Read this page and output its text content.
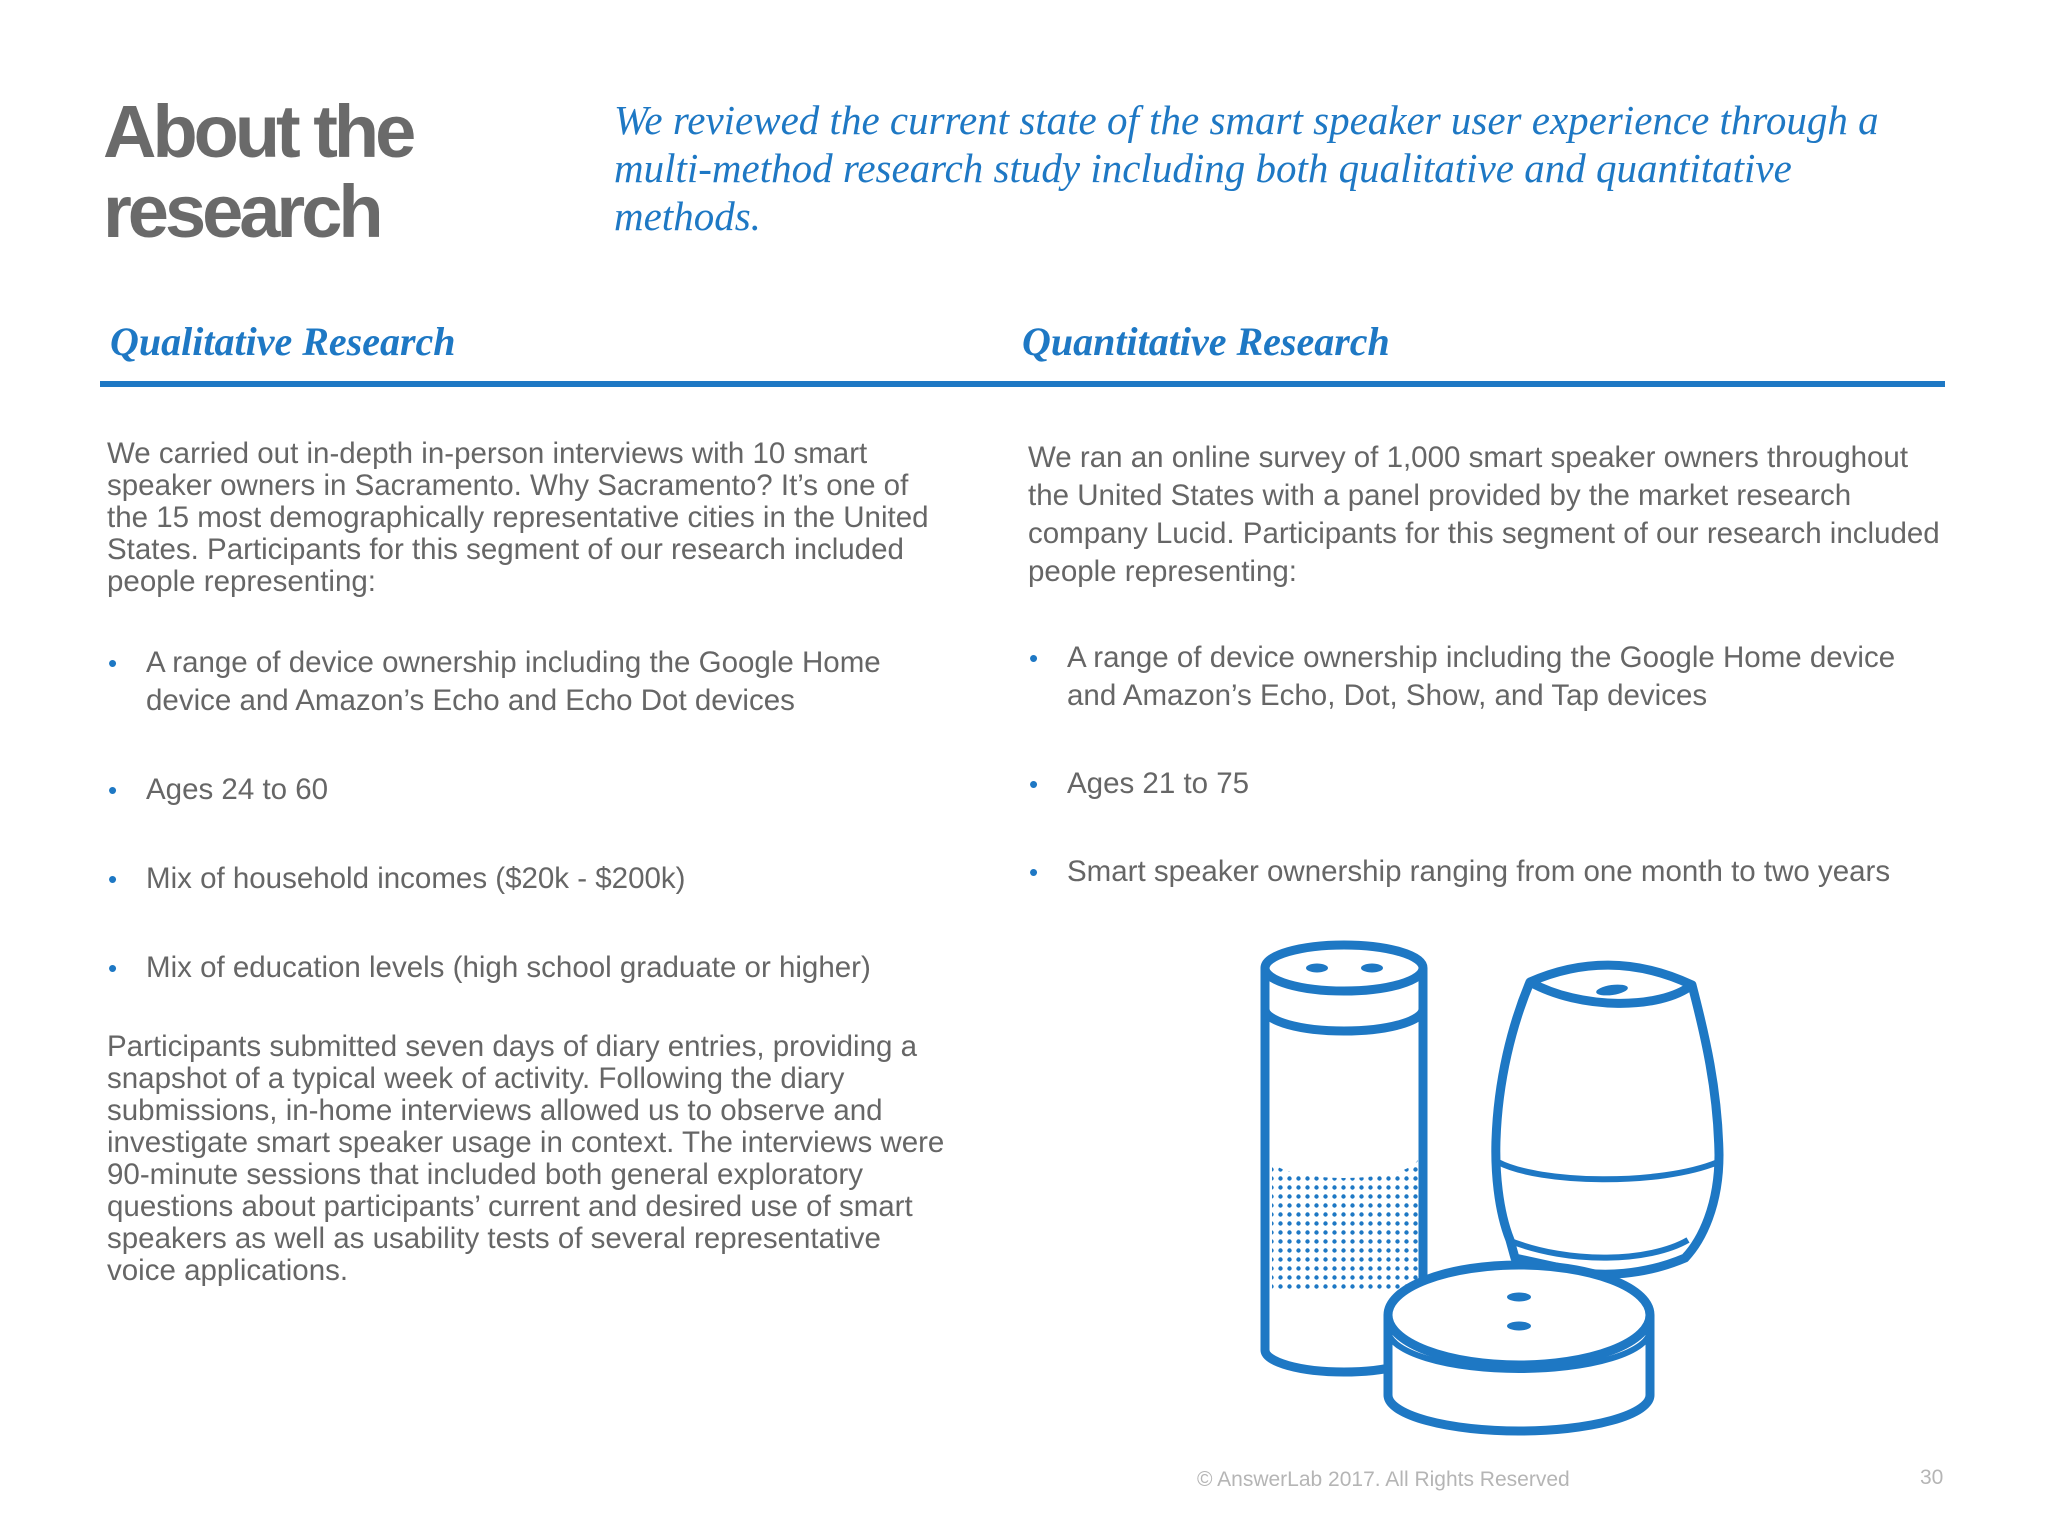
About the
research

We reviewed the current state of the smart speaker user experience through a multi-method research study including both qualitative and quantitative methods.

Qualitative Research	Quantitative Research

We carried out in-depth in-person interviews with 10 smart speaker owners in Sacramento. Why Sacramento? It’s one of the 15 most demographically representative cities in the United States. Participants for this segment of our research included people representing:

• A range of device ownership including the Google Home device and Amazon’s Echo and Echo Dot devices
• Ages 24 to 60
• Mix of household incomes ($20k - $200k)
• Mix of education levels (high school graduate or higher)

Participants submitted seven days of diary entries, providing a snapshot of a typical week of activity. Following the diary submissions, in-home interviews allowed us to observe and investigate smart speaker usage in context. The interviews were 90-minute sessions that included both general exploratory questions about participants’ current and desired use of smart speakers as well as usability tests of several representative voice applications.

We ran an online survey of 1,000 smart speaker owners throughout the United States with a panel provided by the market research company Lucid. Participants for this segment of our research included people representing:

• A range of device ownership including the Google Home device and Amazon’s Echo, Dot, Show, and Tap devices
• Ages 21 to 75
• Smart speaker ownership ranging from one month to two years

© AnswerLab 2017. All Rights Reserved	30
